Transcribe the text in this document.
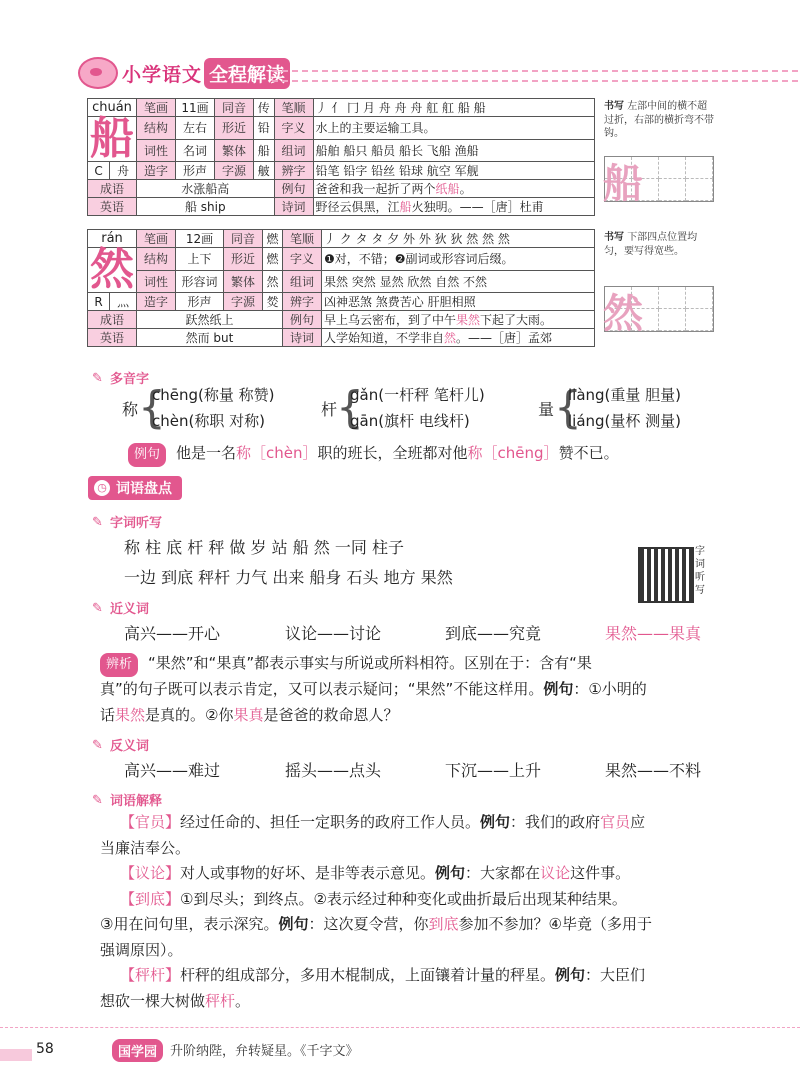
小学语文 全程解读
chuán		笔画	11画	同音	传	笔顺	丿 亻 冂 月 舟 舟 舟 舡 舡 船 船
船		结构	左右	形近	铅	字义	水上的主要运输工具。
		词性	名词	繁体	船	组词	船舶 船只 船员 船长 飞船 渔船
C	舟	造字	形声	字源	𦨭	辨字	铅笔 铅字 铅丝 铅球 航空 军舰
成语		水涨船高				例句	爸爸和我一起折了两个纸船。
英语		船 ship				诗词	野径云俱黑，江船火独明。——［唐］杜甫
书写 左部中间的横不超过折，右部的横折弯不带钩。
船
rán		笔画	12画	同音	燃	笔顺	丿 ク タ タ 夕 外 外 狄 狄 然 然 然
然		结构	上下	形近	燃	字义	❶对，不错；❷副词或形容词后缀。
		词性	形容词	繁体	然	组词	果然 突然 显然 欣然 自然 不然
R	灬	造字	形声	字源	𤉷	辨字	凶神恶煞 煞费苦心 肝胆相照
成语		跃然纸上				例句	早上乌云密布，到了中午果然下起了大雨。
英语		然而 but				诗词	人学始知道，不学非自然。——［唐］孟郊
书写 下部四点位置均匀，要写得宽些。
然
✎ 多音字
称 {
chēng(称量 称赞)
chèn(称职 对称)
杆
{
gǎn(一杆秤 笔杆儿)
gān(旗杆 电线杆)
量 {
liàng(重量 胆量)
liáng(量杯 测量)
例句 他是一名称［chèn］职的班长，全班都对他称［chēng］赞不已。
◷ 词语盘点
✎ 字词听写
称 柱 底 杆 秤 做 岁 站 船 然 一同 柱子
一边 到底 秤杆 力气 出来 船身 石头 地方 果然
字词听写
✎ 近义词
高兴——开心	议论——讨论	到底——究竟	果然——果真
辨析 “果然”和“果真”都表示事实与所说或所料相符。区别在于：含有“果
真”的句子既可以表示肯定，又可以表示疑问；“果然”不能这样用。例句：①小明的
话果然是真的。②你果真是爸爸的救命恩人？
✎ 反义词
高兴——难过	摇头——点头	下沉——上升	果然——不料
✎ 词语解释
【官员】经过任命的、担任一定职务的政府工作人员。例句：我们的政府官员应
当廉洁奉公。
【议论】对人或事物的好坏、是非等表示意见。例句：大家都在议论这件事。
【到底】①到尽头；到终点。②表示经过种种变化或曲折最后出现某种结果。
③用在问句里，表示深究。例句：这次夏令营，你到底参加不参加？④毕竟（多用于
强调原因）。
【秤杆】杆秤的组成部分，多用木棍制成，上面镶着计量的秤星。例句：大臣们
想砍一棵大树做秤杆。
58	国学园 升阶纳陛，弁转疑星。《千字文》
